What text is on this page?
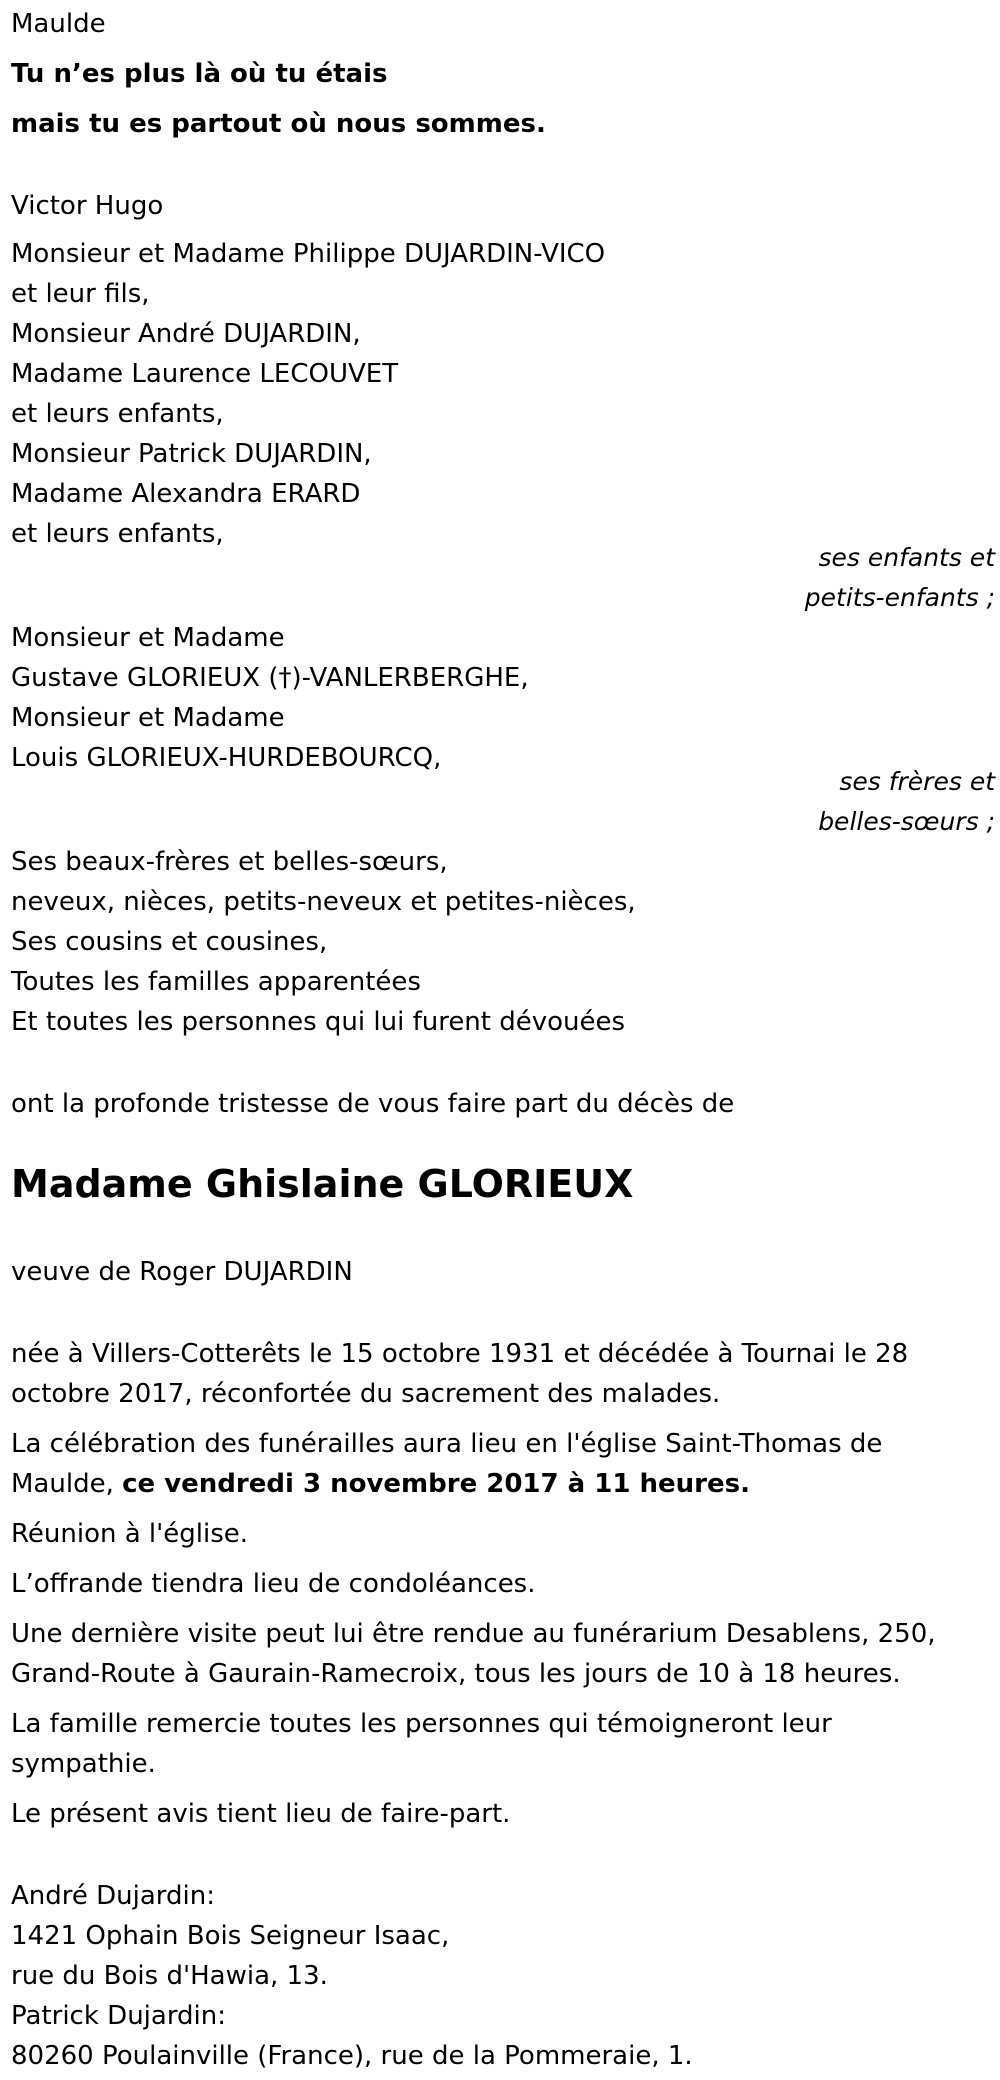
Maulde
Tu n’es plus là où tu étais
mais tu es partout où nous sommes.
Victor Hugo
Monsieur et Madame Philippe DUJARDIN-VICO
et leur fils,
Monsieur André DUJARDIN,
Madame Laurence LECOUVET
et leurs enfants,
Monsieur Patrick DUJARDIN,
Madame Alexandra ERARD
et leurs enfants,
ses enfants et
petits-enfants ;
Monsieur et Madame
Gustave GLORIEUX (†)-VANLERBERGHE,
Monsieur et Madame
Louis GLORIEUX-HURDEBOURCQ,
ses frères et
belles-sœurs ;
Ses beaux-frères et belles-sœurs,
neveux, nièces, petits-neveux et petites-nièces,
Ses cousins et cousines,
Toutes les familles apparentées
Et toutes les personnes qui lui furent dévouées
ont la profonde tristesse de vous faire part du décès de
Madame Ghislaine GLORIEUX
veuve de Roger DUJARDIN
née à Villers-Cotterêts le 15 octobre 1931 et décédée à Tournai le 28
octobre 2017, réconfortée du sacrement des malades.
La célébration des funérailles aura lieu en l'église Saint-Thomas de
Maulde, ce vendredi 3 novembre 2017 à 11 heures.
Réunion à l'église.
L’offrande tiendra lieu de condoléances.
Une dernière visite peut lui être rendue au funérarium Desablens, 250,
Grand-Route à Gaurain-Ramecroix, tous les jours de 10 à 18 heures.
La famille remercie toutes les personnes qui témoigneront leur
sympathie.
Le présent avis tient lieu de faire-part.
André Dujardin:
1421 Ophain Bois Seigneur Isaac,
rue du Bois d'Hawia, 13.
Patrick Dujardin:
80260 Poulainville (France), rue de la Pommeraie, 1.
